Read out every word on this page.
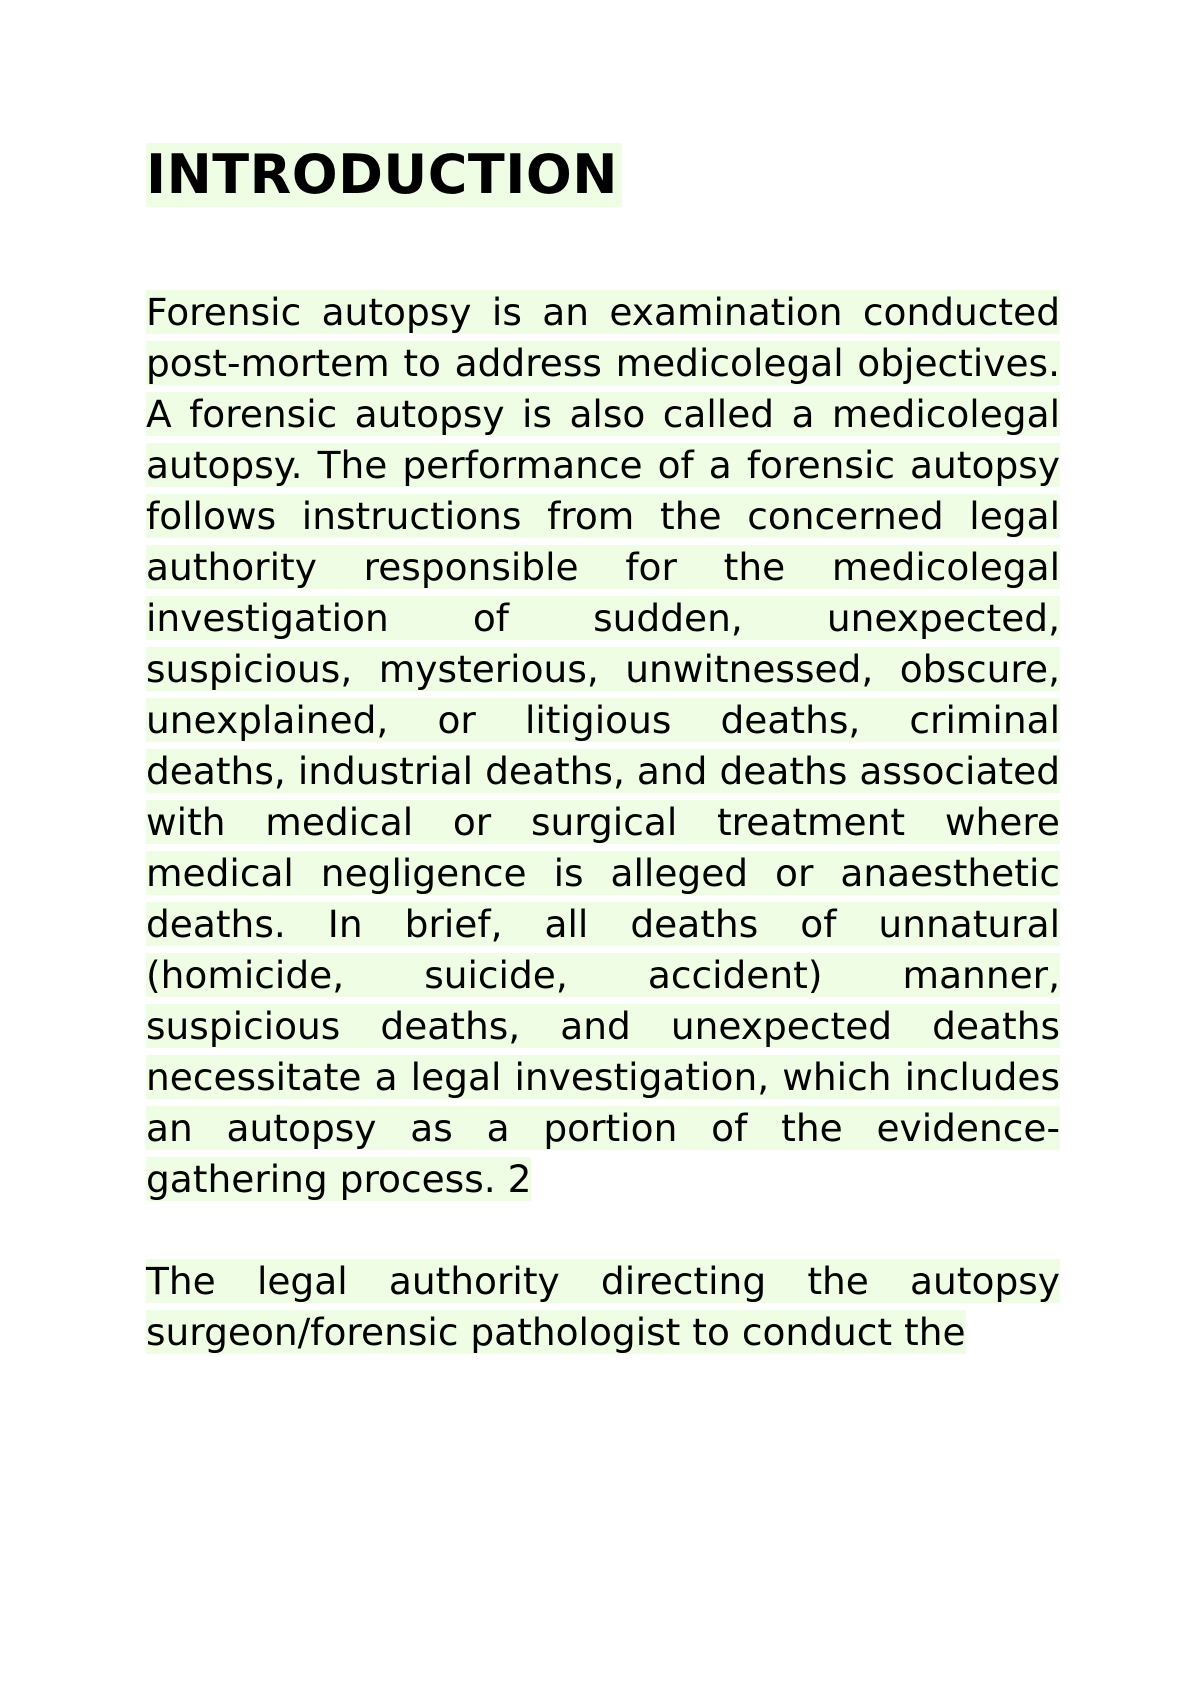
INTRODUCTION

Forensic autopsy is an examination conducted post-mortem to address medicolegal objectives. A forensic autopsy is also called a medicolegal autopsy. The performance of a forensic autopsy follows instructions from the concerned legal authority responsible for the medicolegal investigation of sudden, unexpected, suspicious, mysterious, unwitnessed, obscure, unexplained, or litigious deaths, criminal deaths, industrial deaths, and deaths associated with medical or surgical treatment where medical negligence is alleged or anaesthetic deaths. In brief, all deaths of unnatural (homicide, suicide, accident) manner, suspicious deaths, and unexpected deaths necessitate a legal investigation, which includes an autopsy as a portion of the evidence-gathering process. 2

The legal authority directing the autopsy surgeon/forensic pathologist to conduct the
